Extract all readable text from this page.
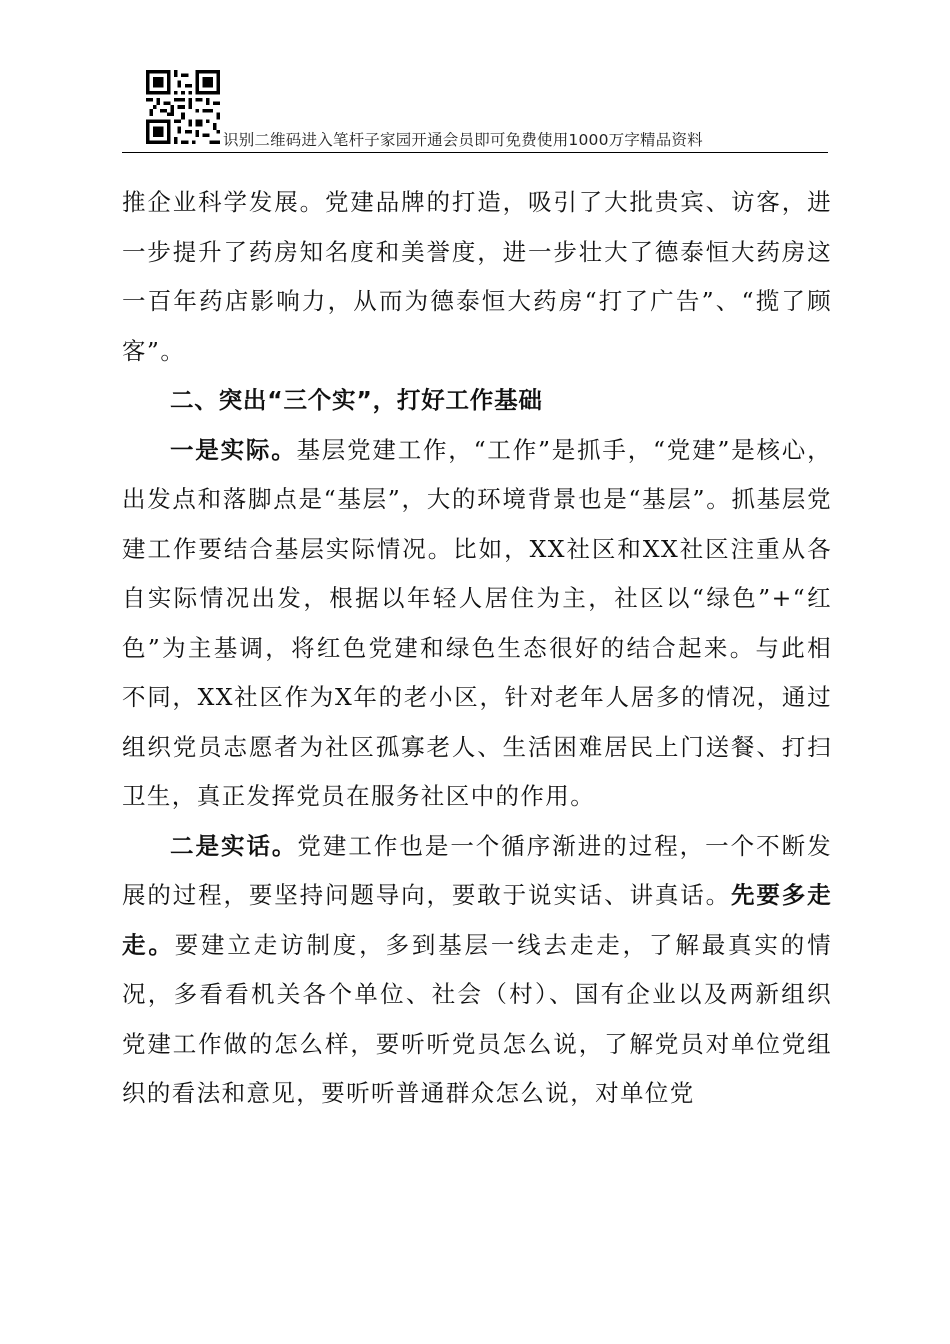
识别二维码进入笔杆子家园开通会员即可免费使用1000万字精品资料

推企业科学发展。党建品牌的打造，吸引了大批贵宾、访客，进一步提升了药房知名度和美誉度，进一步壮大了德泰恒大药房这一百年药店影响力，从而为德泰恒大药房“打了广告”、“揽了顾客”。

二、突出“三个实”，打好工作基础

一是实际。基层党建工作，“工作”是抓手，“党建”是核心，出发点和落脚点是“基层”，大的环境背景也是“基层”。抓基层党建工作要结合基层实际情况。比如，XX社区和XX社区注重从各自实际情况出发，根据以年轻人居住为主，社区以“绿色”+“红色”为主基调，将红色党建和绿色生态很好的结合起来。与此相不同，XX社区作为X年的老小区，针对老年人居多的情况，通过组织党员志愿者为社区孤寡老人、生活困难居民上门送餐、打扫卫生，真正发挥党员在服务社区中的作用。

二是实话。党建工作也是一个循序渐进的过程，一个不断发展的过程，要坚持问题导向，要敢于说实话、讲真话。先要多走走。要建立走访制度，多到基层一线去走走，了解最真实的情况，多看看机关各个单位、社会（村）、国有企业以及两新组织党建工作做的怎么样，要听听党员怎么说，了解党员对单位党组织的看法和意见，要听听普通群众怎么说，对单位党
